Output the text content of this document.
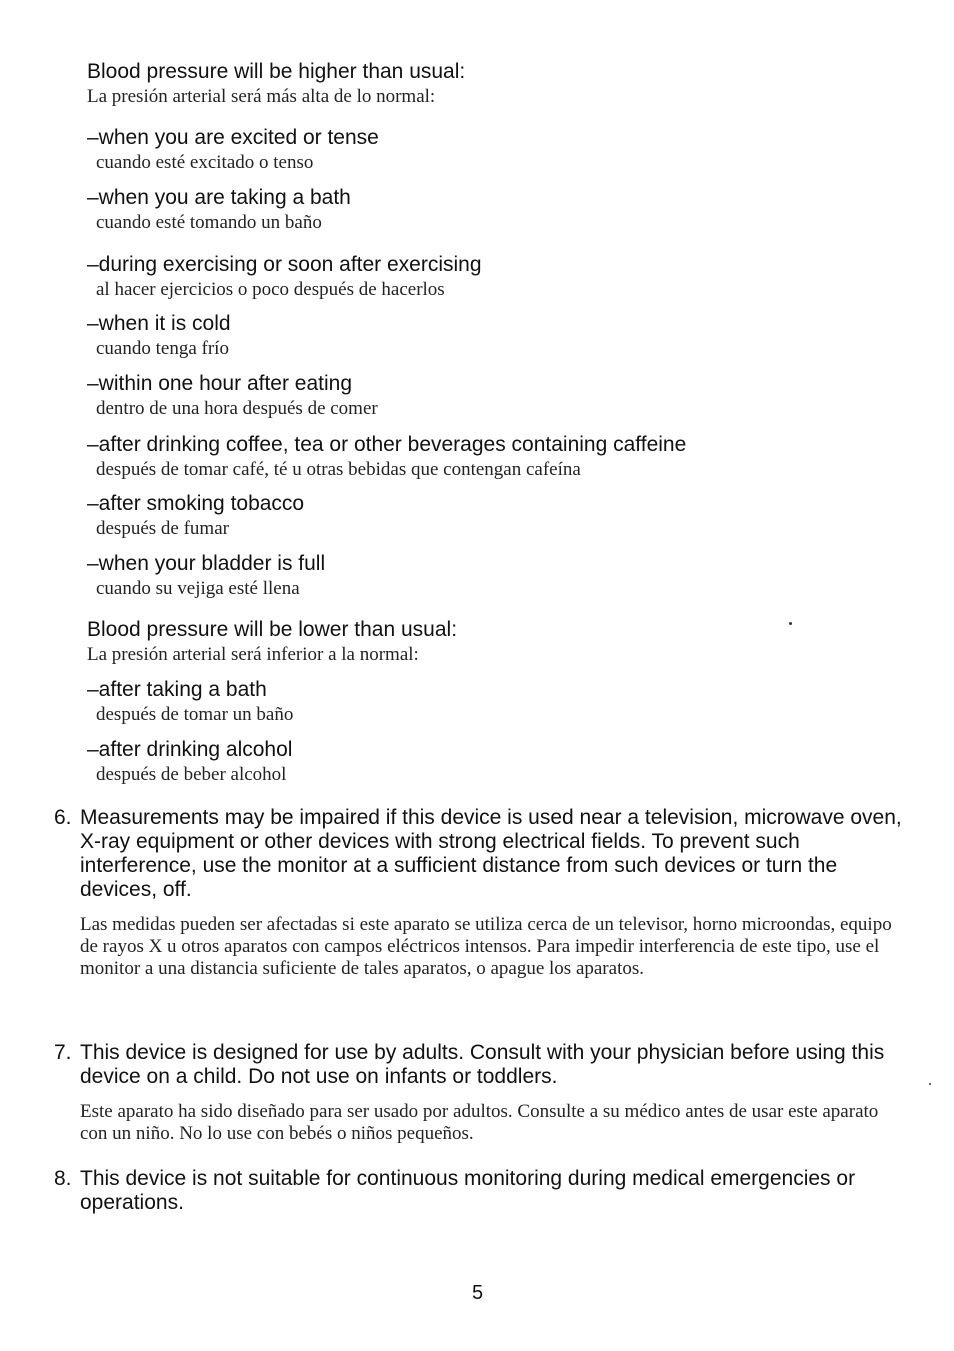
Blood pressure will be higher than usual:
La presión arterial será más alta de lo normal:
–when you are excited or tense
cuando esté excitado o tenso
–when you are taking a bath
cuando esté tomando un baño
–during exercising or soon after exercising
al hacer ejercicios o poco después de hacerlos
–when it is cold
cuando tenga frío
–within one hour after eating
dentro de una hora después de comer
–after drinking coffee, tea or other beverages containing caffeine
después de tomar café, té u otras bebidas que contengan cafeína
–after smoking tobacco
después de fumar
–when your bladder is full
cuando su vejiga esté llena
Blood pressure will be lower than usual:
La presión arterial será inferior a la normal:
–after taking a bath
después de tomar un baño
–after drinking alcohol
después de beber alcohol
6. Measurements may be impaired if this device is used near a television, microwave oven, X-ray equipment or other devices with strong electrical fields. To prevent such interference, use the monitor at a sufficient distance from such devices or turn the devices, off.
Las medidas pueden ser afectadas si este aparato se utiliza cerca de un televisor, horno microondas, equipo de rayos X u otros aparatos con campos eléctricos intensos. Para impedir interferencia de este tipo, use el monitor a una distancia suficiente de tales aparatos, o apague los aparatos.
7. This device is designed for use by adults. Consult with your physician before using this device on a child. Do not use on infants or toddlers.
Este aparato ha sido diseñado para ser usado por adultos. Consulte a su médico antes de usar este aparato con un niño. No lo use con bebés o niños pequeños.
8. This device is not suitable for continuous monitoring during medical emergencies or operations.
5
